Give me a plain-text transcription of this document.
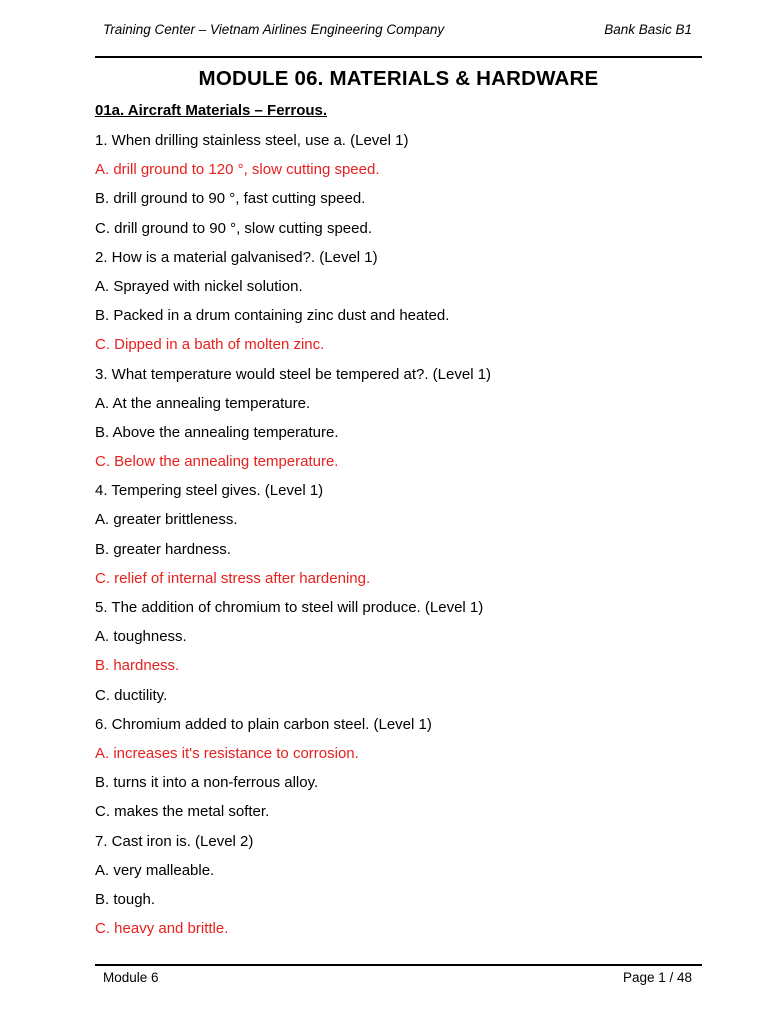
Training Center – Vietnam Airlines Engineering Company	Bank Basic B1
MODULE 06. MATERIALS & HARDWARE
01a. Aircraft Materials – Ferrous.
1. When drilling stainless steel, use a. (Level 1)
A. drill ground to 120 °, slow cutting speed.
B. drill ground to 90 °, fast cutting speed.
C. drill ground to 90 °, slow cutting speed.
2. How is a material galvanised?. (Level 1)
A. Sprayed with nickel solution.
B. Packed in a drum containing zinc dust and heated.
C. Dipped in a bath of molten zinc.
3. What temperature would steel be tempered at?. (Level 1)
A. At the annealing temperature.
B. Above the annealing temperature.
C. Below the annealing temperature.
4. Tempering steel gives. (Level 1)
A. greater brittleness.
B. greater hardness.
C. relief of internal stress after hardening.
5. The addition of chromium to steel will produce. (Level 1)
A. toughness.
B. hardness.
C. ductility.
6. Chromium added to plain carbon steel. (Level 1)
A. increases it's resistance to corrosion.
B. turns it into a non-ferrous alloy.
C. makes the metal softer.
7. Cast iron is. (Level 2)
A. very malleable.
B. tough.
C. heavy and brittle.
Module 6	Page 1 / 48
